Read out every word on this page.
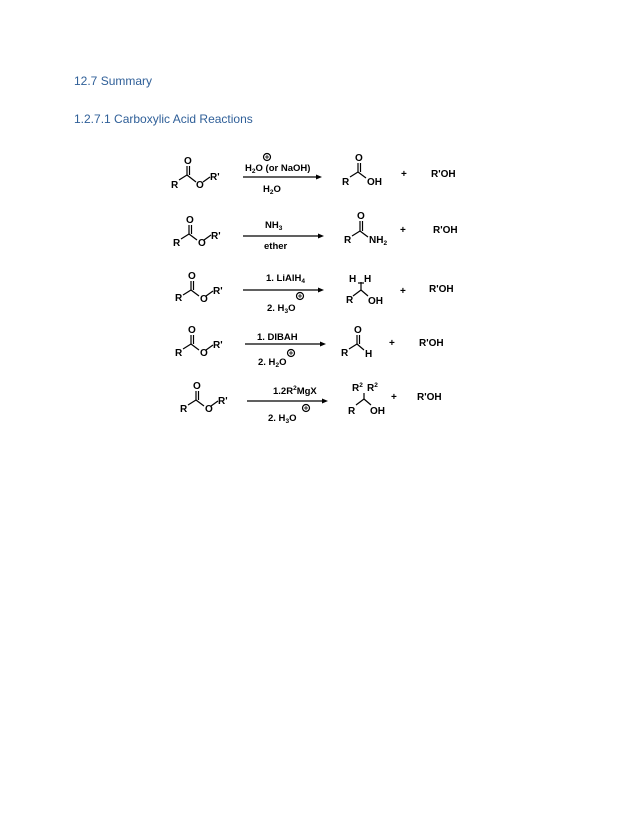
12.7 Summary
1.2.7.1 Carboxylic Acid Reactions
R
O
O
R'
$H_2O$ (or NaOH)
$H_2O$
R
O
OH
+ R'OH
R
O
O
R'
$NH_3$
ether
R
O
$NH_2$
+	R'OH
R
O
O
R'
1. LiAlH$_4$
2. $H_3O$
H H
R OH
+ R'OH
R
O
O
R'
1. DIBAH
2. $H_2O$
R
O
H
+ R'OH
R
O
O
R'
$1.2R^2MgX$
2. $H_3O$
$R^2$ $R^2$
R OH
+ R'OH
